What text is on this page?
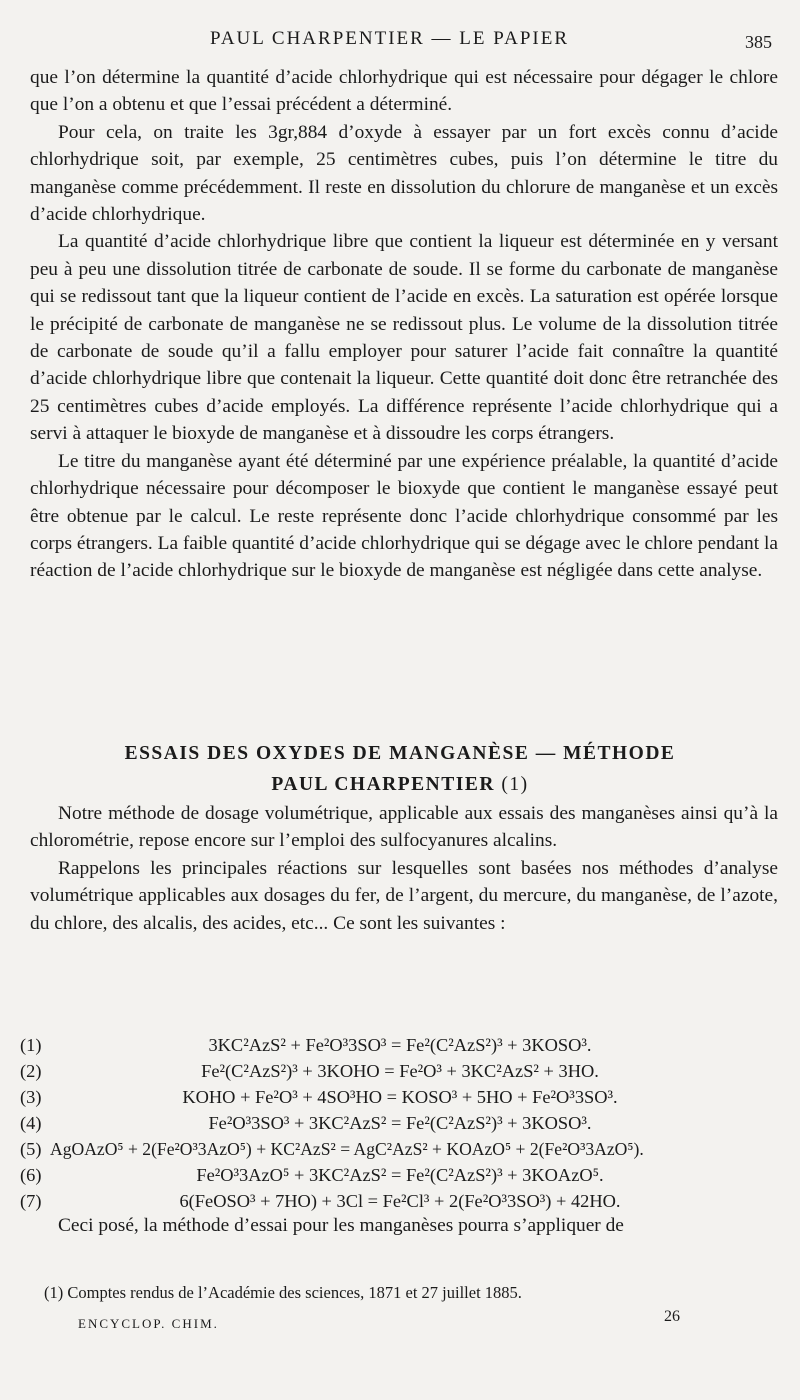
PAUL CHARPENTIER — LE PAPIER	385

que l’on détermine la quantité d’acide chlorhydrique qui est nécessaire pour dégager le chlore que l’on a obtenu et que l’essai précédent a déterminé.

Pour cela, on traite les 3gr,884 d’oxyde à essayer par un fort excès connu d’acide chlorhydrique soit, par exemple, 25 centimètres cubes, puis l’on détermine le titre du manganèse comme précédemment. Il reste en dissolution du chlorure de manganèse et un excès d’acide chlorhydrique.

La quantité d’acide chlorhydrique libre que contient la liqueur est déterminée en y versant peu à peu une dissolution titrée de carbonate de soude. Il se forme du carbonate de manganèse qui se redissout tant que la liqueur contient de l’acide en excès. La saturation est opérée lorsque le précipité de carbonate de manganèse ne se redissout plus. Le volume de la dissolution titrée de carbonate de soude qu’il a fallu employer pour saturer l’acide fait connaître la quantité d’acide chlorhydrique libre que contenait la liqueur. Cette quantité doit donc être retranchée des 25 centimètres cubes d’acide employés. La différence représente l’acide chlorhydrique qui a servi à attaquer le bioxyde de manganèse et à dissoudre les corps étrangers.

Le titre du manganèse ayant été déterminé par une expérience préalable, la quantité d’acide chlorhydrique nécessaire pour décomposer le bioxyde que contient le manganèse essayé peut être obtenue par le calcul. Le reste représente donc l’acide chlorhydrique consommé par les corps étrangers. La faible quantité d’acide chlorhydrique qui se dégage avec le chlore pendant la réaction de l’acide chlorhydrique sur le bioxyde de manganèse est négligée dans cette analyse.

ESSAIS DES OXYDES DE MANGANÈSE — MÉTHODE
PAUL CHARPENTIER (1)

Notre méthode de dosage volumétrique, applicable aux essais des manganèses ainsi qu’à la chlorométrie, repose encore sur l’emploi des sulfocyanures alcalins.

Rappelons les principales réactions sur lesquelles sont basées nos méthodes d’analyse volumétrique applicables aux dosages du fer, de l’argent, du mercure, du manganèse, de l’azote, du chlore, des alcalis, des acides, etc... Ce sont les suivantes :

(1)	3KC²AzS² + Fe²O³3SO³ = Fe²(C²AzS²)³ + 3KOSO³.
(2)	Fe²(C²AzS²)³ + 3KOHO = Fe²O³ + 3KC²AzS² + 3HO.
(3)	KOHO + Fe²O³ + 4SO³HO = KOSO³ + 5HO + Fe²O³3SO³.
(4)	Fe²O³3SO³ + 3KC²AzS² = Fe²(C²AzS²)³ + 3KOSO³.
(5) AgOAzO⁵ + 2(Fe²O³3AzO⁵) + KC²AzS² = AgC²AzS² + KOAzO⁵ + 2(Fe²O³3AzO⁵).
(6)	Fe²O³3AzO⁵ + 3KC²AzS² = Fe²(C²AzS²)³ + 3KOAzO⁵.
(7)	6(FeOSO³ + 7HO) + 3Cl = Fe²Cl³ + 2(Fe²O³3SO³) + 42HO.
Ceci posé, la méthode d’essai pour les manganèses pourra s’appliquer de
(1) Comptes rendus de l’Académie des sciences, 1871 et 27 juillet 1885.
ENCYCLOP. CHIM.	26
